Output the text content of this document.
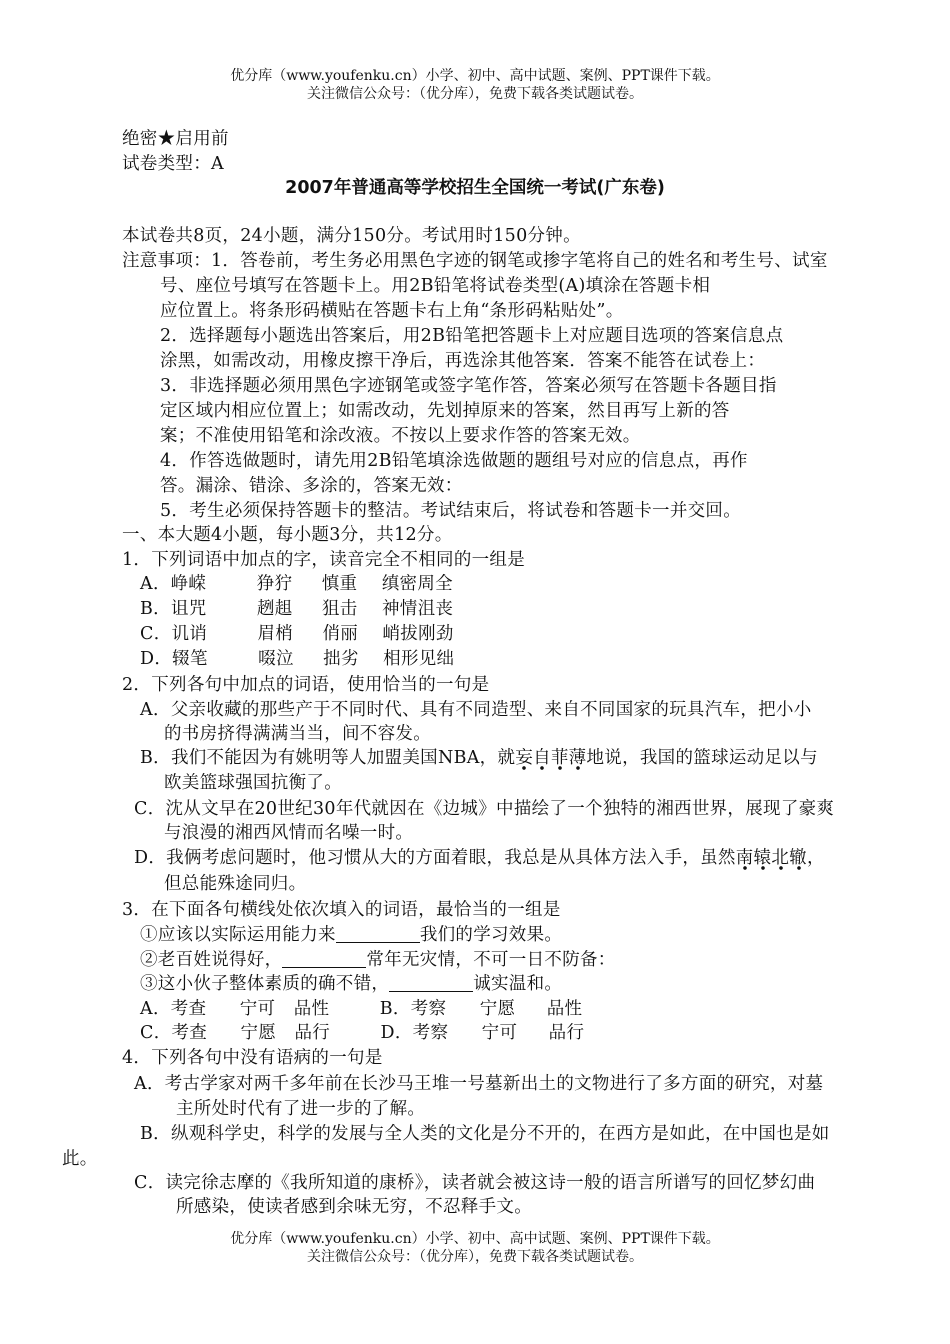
优分库（www.youfenku.cn）小学、初中、高中试题、案例、PPT课件下载。
关注微信公众号：（优分库），免费下载各类试题试卷。
绝密★启用前
试卷类型：A
2007年普通高等学校招生全国统一考试(广东卷)
本试卷共8页，24小题，满分150分。考试用时150分钟。
注意事项：1．答卷前，考生务必用黑色字迹的钢笔或掺字笔将自己的姓名和考生号、试室
号、座位号填写在答题卡上。用2B铅笔将试卷类型(A)填涂在答题卡相
应位置上。将条形码横贴在答题卡右上角“条形码粘贴处”。
2．选择题每小题选出答案后，用2B铅笔把答题卡上对应题目选项的答案信息点
涂黑，如需改动，用橡皮擦干净后，再选涂其他答案．答案不能答在试卷上：
3．非选择题必须用黑色字迹钢笔或签字笔作答，答案必须写在答题卡各题目指
定区域内相应位置上；如需改动，先划掉原来的答案，然目再写上新的答
案；不准使用铅笔和涂改液。不按以上要求作答的答案无效。
4．作答选做题时，请先用2B铅笔填涂选做题的题组号对应的信息点，再作
答。漏涂、错涂、多涂的，答案无效：
5．考生必须保持答题卡的整洁。考试结束后，将试卷和答题卡一并交回。
一、本大题4小题，每小题3分，共12分。
1．下列词语中加点的字，读音完全不相同的一组是
A．峥嵘	狰狞 慎重 缜密周全
B．诅咒	趔趄 狙击 神情沮丧
C．讥诮	眉梢 俏丽 峭拔刚劲
D．辍笔	啜泣 拙劣 相形见绌
2．下列各句中加点的词语，使用恰当的一句是
A．父亲收藏的那些产于不同时代、具有不同造型、来自不同国家的玩具汽车，把小小
的书房挤得满满当当，间不容发。
B．我们不能因为有姚明等人加盟美国NBA，就妄自菲薄地说，我国的篮球运动足以与
欧美篮球强国抗衡了。
C．沈从文早在20世纪30年代就因在《边城》中描绘了一个独特的湘西世界，展现了豪爽
与浪漫的湘西风情而名噪一时。
D．我俩考虑问题时，他习惯从大的方面着眼，我总是从具体方法入手，虽然南辕北辙，
但总能殊途同归。
3．在下面各句横线处依次填入的词语，最恰当的一组是
①应该以实际运用能力来	我们的学习效果。
②老百姓说得好，	常年无灾情，不可一日不防备：
③这小伙子整体素质的确不错，	诚实温和。
A．考查 宁可 品性	B．考察 宁愿 品性
C．考查 宁愿 品行	D．考察 宁可 品行
4．下列各句中没有语病的一句是
A．考古学家对两千多年前在长沙马王堆一号墓新出土的文物进行了多方面的研究，对墓
主所处时代有了进一步的了解。
B．纵观科学史，科学的发展与全人类的文化是分不开的，在西方是如此，在中国也是如
此。
C．读完徐志摩的《我所知道的康桥》，读者就会被这诗一般的语言所谱写的回忆梦幻曲
所感染，使读者感到余味无穷，不忍释手文。
优分库（www.youfenku.cn）小学、初中、高中试题、案例、PPT课件下载。
关注微信公众号：（优分库），免费下载各类试题试卷。
